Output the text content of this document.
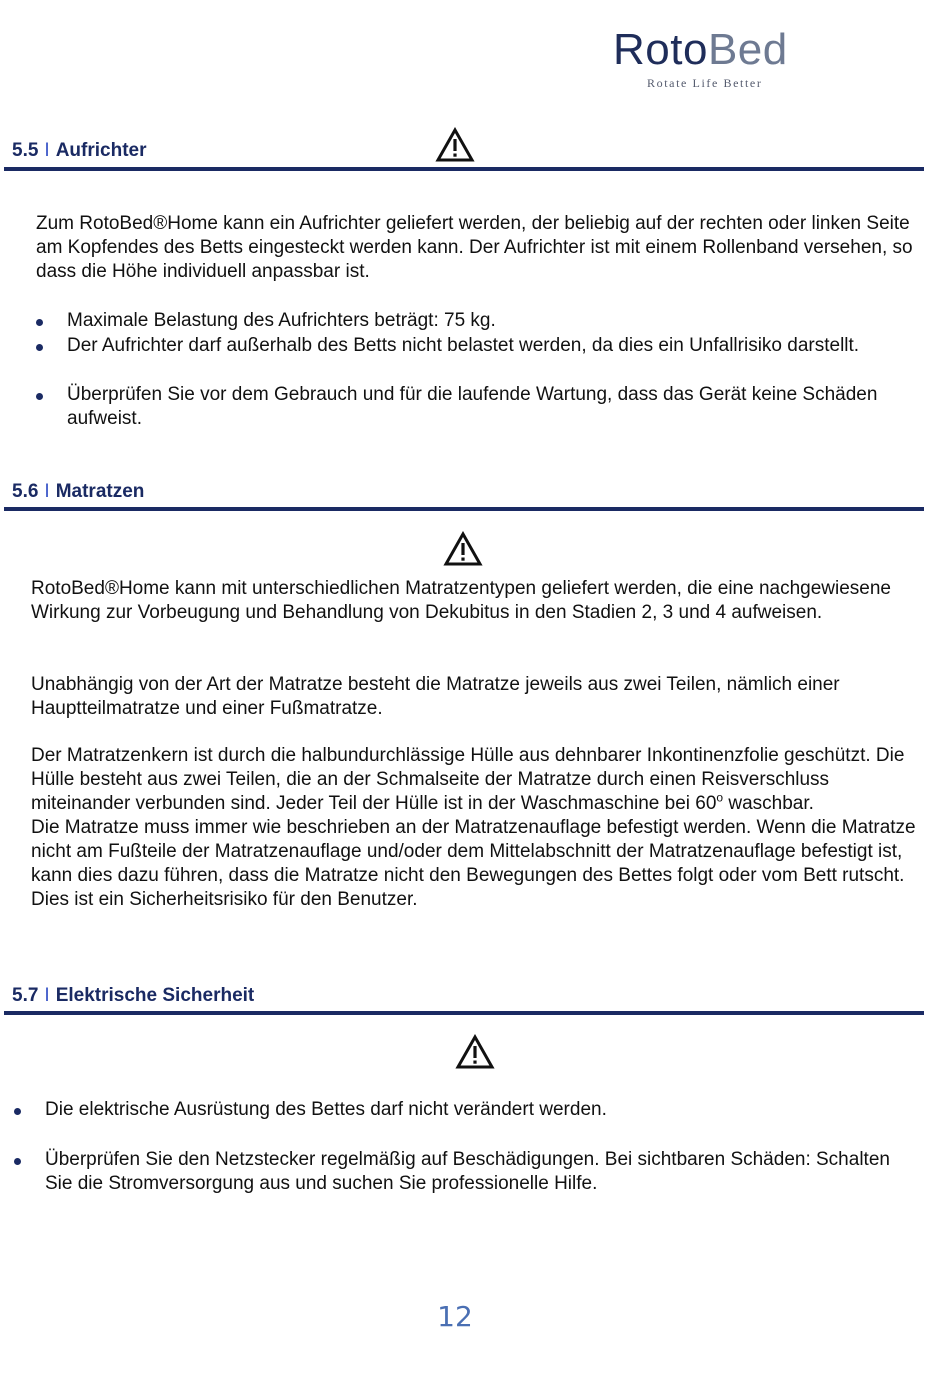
RotoBed
Rotate Life Better
5.5 I Aufrichter

Zum RotoBed®Home kann ein Aufrichter geliefert werden, der beliebig auf der rechten oder linken Seite am Kopfendes des Betts eingesteckt werden kann. Der Aufrichter ist mit einem Rollenband versehen, so dass die Höhe individuell anpassbar ist.

Maximale Belastung des Aufrichters beträgt: 75 kg.
Der Aufrichter darf außerhalb des Betts nicht belastet werden, da dies ein Unfallrisiko darstellt.
Überprüfen Sie vor dem Gebrauch und für die laufende Wartung, dass das Gerät keine Schäden aufweist.
5.6 I Matratzen

RotoBed®Home kann mit unterschiedlichen Matratzentypen geliefert werden, die eine nachgewiesene Wirkung zur Vorbeugung und Behandlung von Dekubitus in den Stadien 2, 3 und 4 aufweisen.

Unabhängig von der Art der Matratze besteht die Matratze jeweils aus zwei Teilen, nämlich einer Hauptteilmatratze und einer Fußmatratze.

Der Matratzenkern ist durch die halbundurchlässige Hülle aus dehnbarer Inkontinenzfolie geschützt. Die Hülle besteht aus zwei Teilen, die an der Schmalseite der Matratze durch einen Reisverschluss miteinander verbunden sind. Jeder Teil der Hülle ist in der Waschmaschine bei 60$^o$ waschbar.

Die Matratze muss immer wie beschrieben an der Matratzenauflage befestigt werden. Wenn die Matratze nicht am Fußteile der Matratzenauflage und/oder dem Mittelabschnitt der Matratzenauflage befestigt ist, kann dies dazu führen, dass die Matratze nicht den Bewegungen des Bettes folgt oder vom Bett rutscht. Dies ist ein Sicherheitsrisiko für den Benutzer.

5.7 I Elektrische Sicherheit
Die elektrische Ausrüstung des Bettes darf nicht verändert werden.
Überprüfen Sie den Netzstecker regelmäßig auf Beschädigungen. Bei sichtbaren Schäden: Schalten Sie die Stromversorgung aus und suchen Sie professionelle Hilfe.
12
